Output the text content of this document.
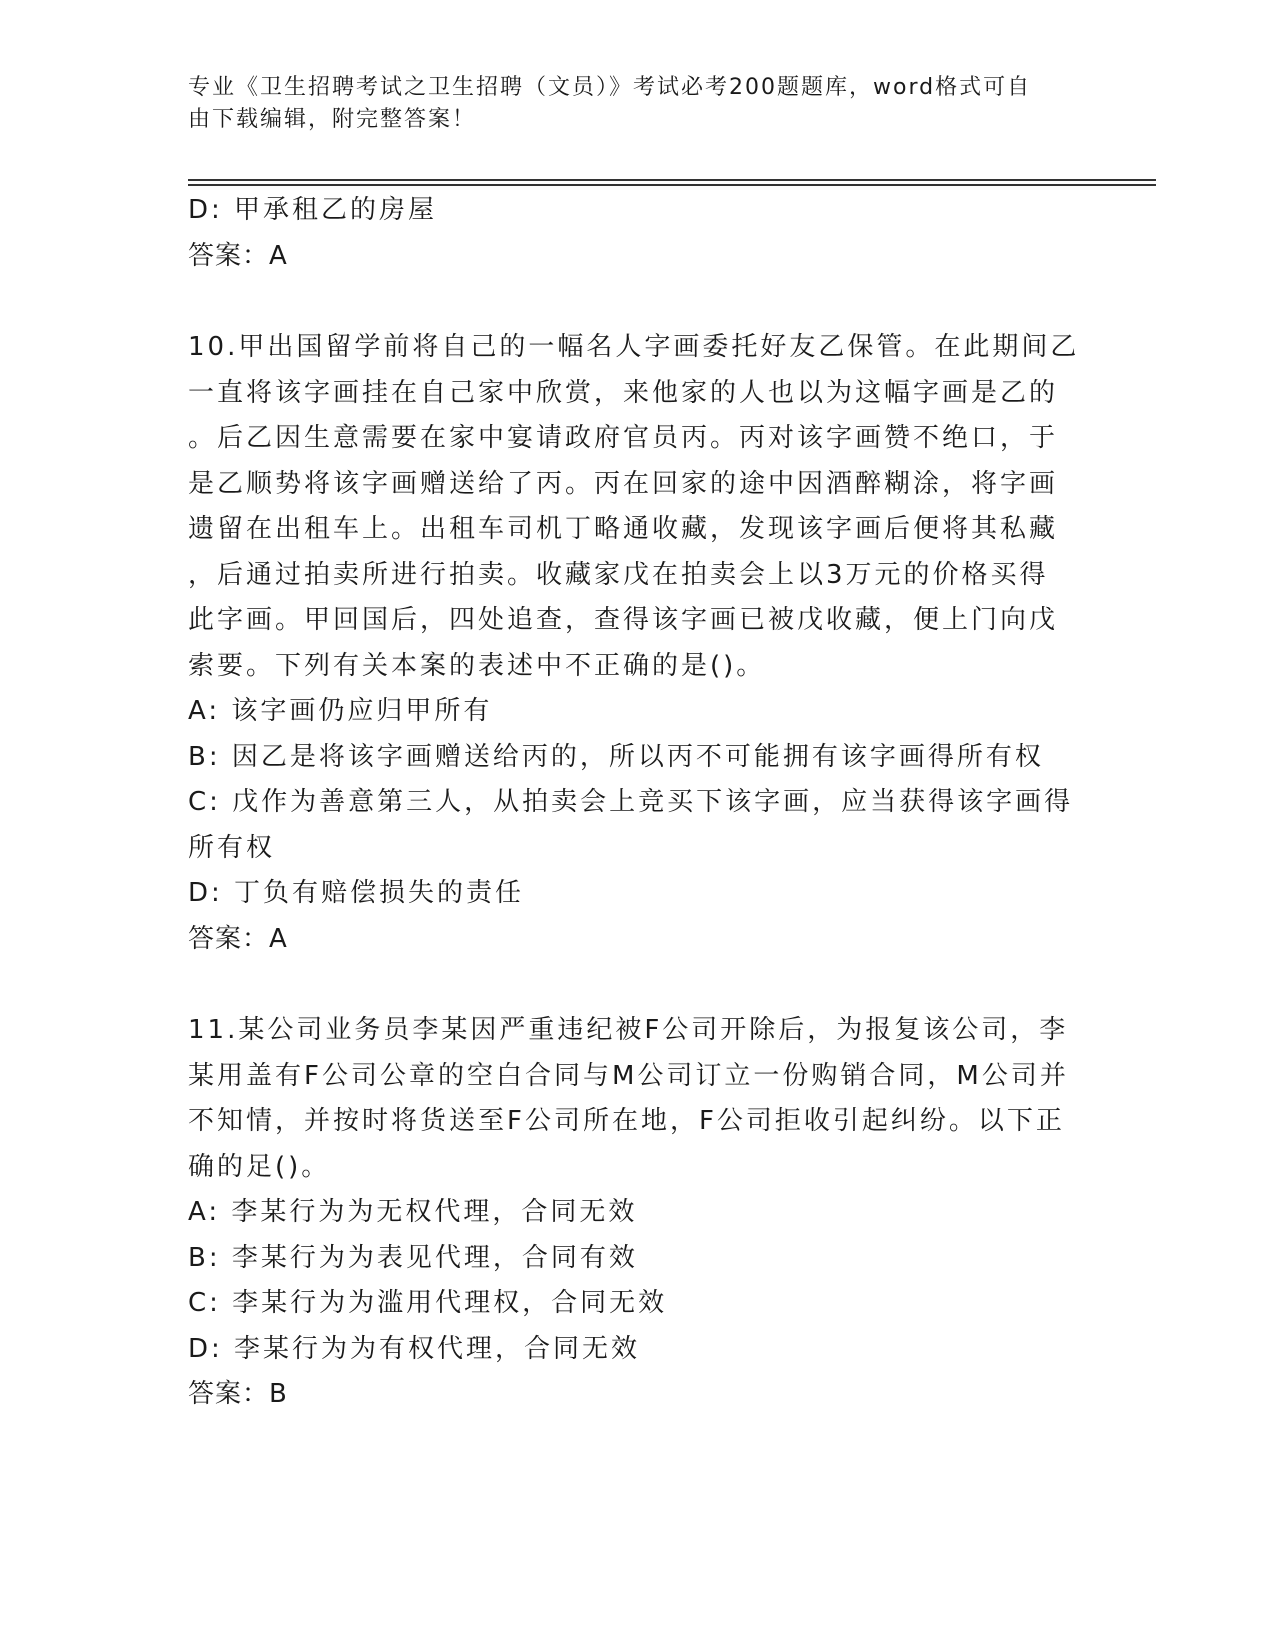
专业《卫生招聘考试之卫生招聘（文员）》考试必考200题题库，word格式可自
由下载编辑，附完整答案！
D: 甲承租乙的房屋
答案：A
10.甲出国留学前将自己的一幅名人字画委托好友乙保管。在此期间乙
一直将该字画挂在自己家中欣赏，来他家的人也以为这幅字画是乙的
。后乙因生意需要在家中宴请政府官员丙。丙对该字画赞不绝口，于
是乙顺势将该字画赠送给了丙。丙在回家的途中因酒醉糊涂，将字画
遗留在出租车上。出租车司机丁略通收藏，发现该字画后便将其私藏
，后通过拍卖所进行拍卖。收藏家戊在拍卖会上以3万元的价格买得
此字画。甲回国后，四处追查，查得该字画已被戊收藏，便上门向戊
索要。下列有关本案的表述中不正确的是()。
A: 该字画仍应归甲所有
B: 因乙是将该字画赠送给丙的，所以丙不可能拥有该字画得所有权
C: 戊作为善意第三人，从拍卖会上竞买下该字画，应当获得该字画得
所有权
D: 丁负有赔偿损失的责任
答案：A
11.某公司业务员李某因严重违纪被F公司开除后，为报复该公司，李
某用盖有F公司公章的空白合同与M公司订立一份购销合同，M公司并
不知情，并按时将货送至F公司所在地，F公司拒收引起纠纷。以下正
确的足()。
A: 李某行为为无权代理，合同无效
B: 李某行为为表见代理，合同有效
C: 李某行为为滥用代理权，合同无效
D: 李某行为为有权代理，合同无效
答案：B
